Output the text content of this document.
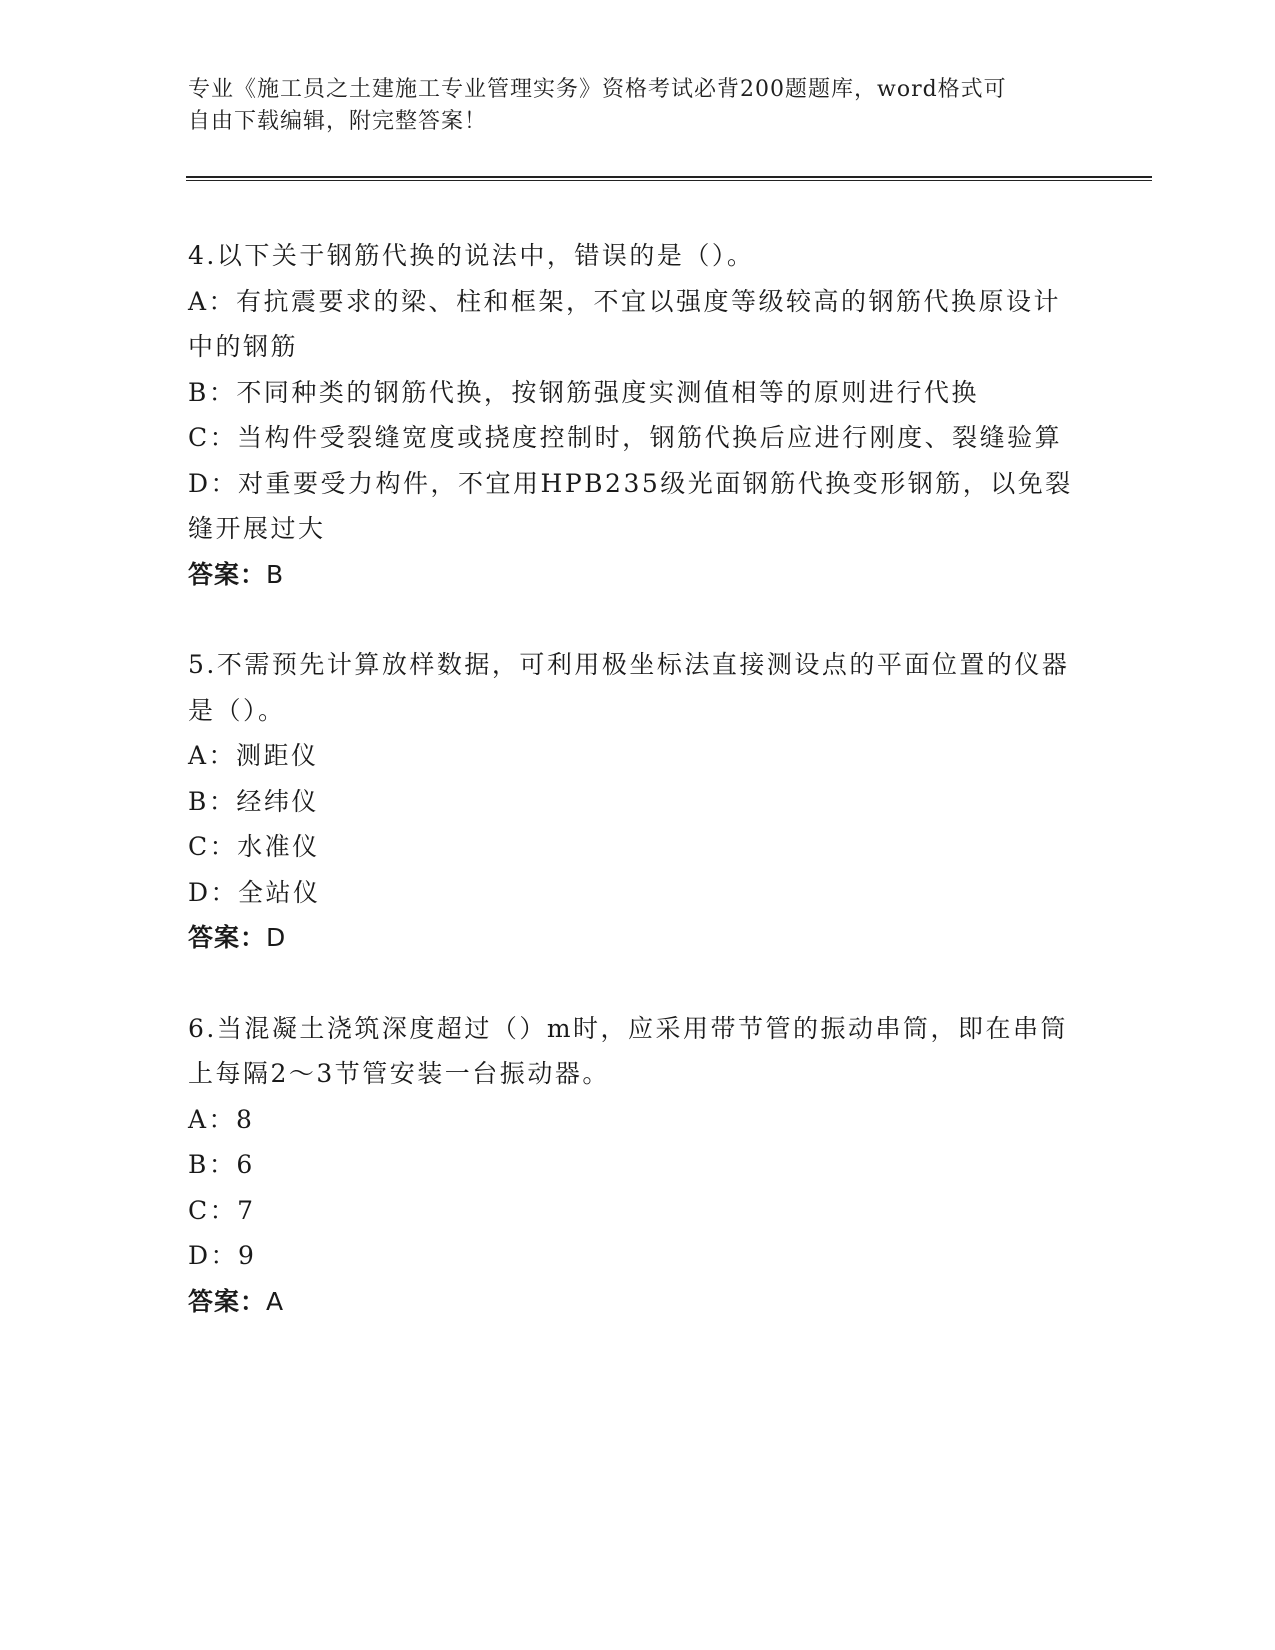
专业《施工员之土建施工专业管理实务》资格考试必背200题题库，word格式可
自由下载编辑，附完整答案！

4.以下关于钢筋代换的说法中，错误的是（）。

A：有抗震要求的梁、柱和框架，不宜以强度等级较高的钢筋代换原设计中的钢筋

B：不同种类的钢筋代换，按钢筋强度实测值相等的原则进行代换

C：当构件受裂缝宽度或挠度控制时，钢筋代换后应进行刚度、裂缝验算

D：对重要受力构件，不宜用HPB235级光面钢筋代换变形钢筋，以免裂缝开展过大

答案：B

5.不需预先计算放样数据，可利用极坐标法直接测设点的平面位置的仪器是（）。

A：测距仪

B：经纬仪

C：水准仪

D：全站仪

答案：D

6.当混凝土浇筑深度超过（）m时，应采用带节管的振动串筒，即在串筒上每隔2～3节管安装一台振动器。

A：8

B：6

C：7

D：9

答案：A
